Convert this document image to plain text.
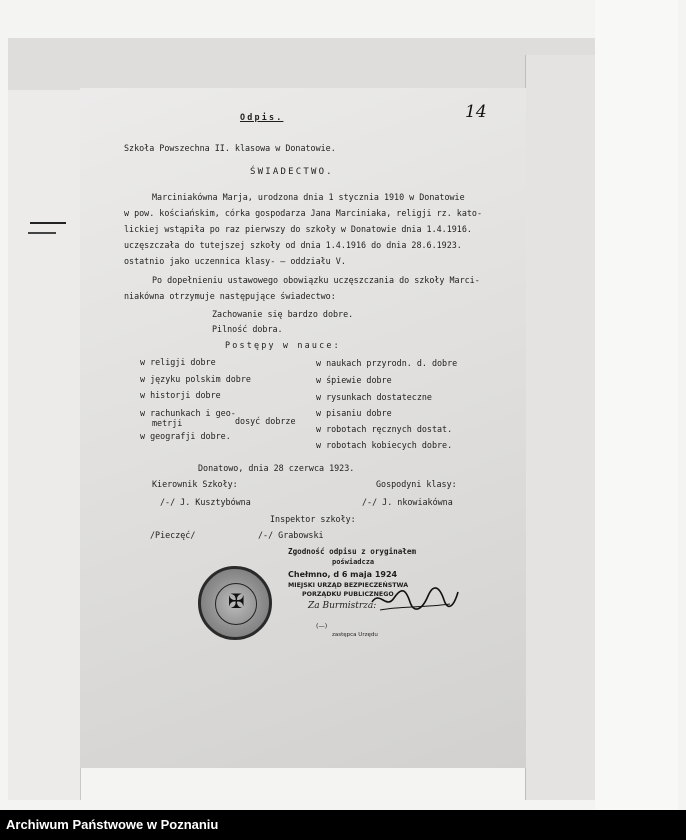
14
Odpis.
Szkoła Powszechna II. klasowa w Donatowie.
ŚWIADECTWO.
Marciniakówna Marja, urodzona dnia 1 stycznia 1910 w Donatowie
w pow. kościańskim, córka gospodarza Jana Marciniaka, religji rz. kato-
lickiej wstąpiła po raz pierwszy do szkoły w Donatowie dnia 1.4.1916.
uczęszczała do tutejszej szkoły od dnia 1.4.1916 do dnia 28.6.1923.
ostatnio jako uczennica klasy- — oddziału V.
Po dopełnieniu ustawowego obowiązku uczęszczania do szkoły Marci-
niakówna otrzymuje następujące świadectwo:
Zachowanie się bardzo dobre.
Pilność dobra.
Postępy w nauce:
w religji dobre
w języku polskim dobre
w historji dobre
w rachunkach i geo-
metrji	dosyć dobrze
w geografji dobre.
w naukach przyrodn. d. dobre
w śpiewie dobre
w rysunkach dostateczne
w pisaniu dobre
w robotach ręcznych dostat.
w robotach kobiecych dobre.
Donatowo, dnia 28 czerwca 1923.
Kierownik Szkoły:
/-/ J. Kusztybówna
Gospodyni klasy:
/-/ J. nkowiakówna
Inspektor szkoły:
/Pieczęć/	/-/ Grabowski
Zgodność odpisu z oryginałem
poświadcza
Chełmno, d 6 maja 1924
MIEJSKI URZĄD BEZPIECZEŃSTWA
PORZĄDKU PUBLICZNEGO
Za Burmistrza:
(—)
zastępca Urzędu
✠
Archiwum Państwowe w Poznaniu
